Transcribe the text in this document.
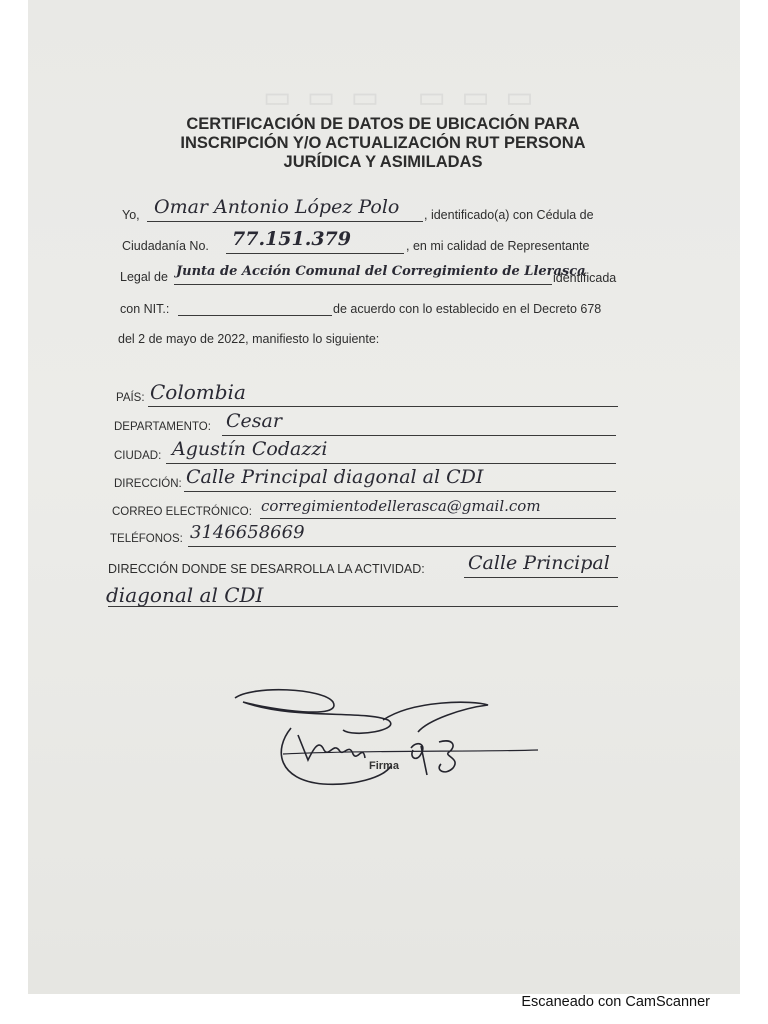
▭ ▭ ▭   ▭ ▭ ▭
CERTIFICACIÓN DE DATOS DE UBICACIÓN PARA
INSCRIPCIÓN Y/O ACTUALIZACIÓN RUT PERSONA
JURÍDICA Y ASIMILADAS
Yo, Omar Antonio López Polo , identificado(a) con Cédula de
Ciudadanía No. 77.151.379	, en mi calidad de Representante
Legal de Junta de Acción Comunal del Corregimiento de Llerasca
identificada
con NIT.:	de acuerdo con lo establecido en el Decreto 678
del 2 de mayo de 2022, manifiesto lo siguiente:
PAÍS: Colombia
DEPARTAMENTO: Cesar
CIUDAD: Agustín Codazzi
DIRECCIÓN: Calle Principal diagonal al CDI
CORREO ELECTRÓNICO: corregimientodellerasca@gmail.com
TELÉFONOS: 3146658669
DIRECCIÓN DONDE SE DESARROLLA LA ACTIVIDAD: Calle Principal
diagonal al CDI
Firma
Escaneado con CamScanner
